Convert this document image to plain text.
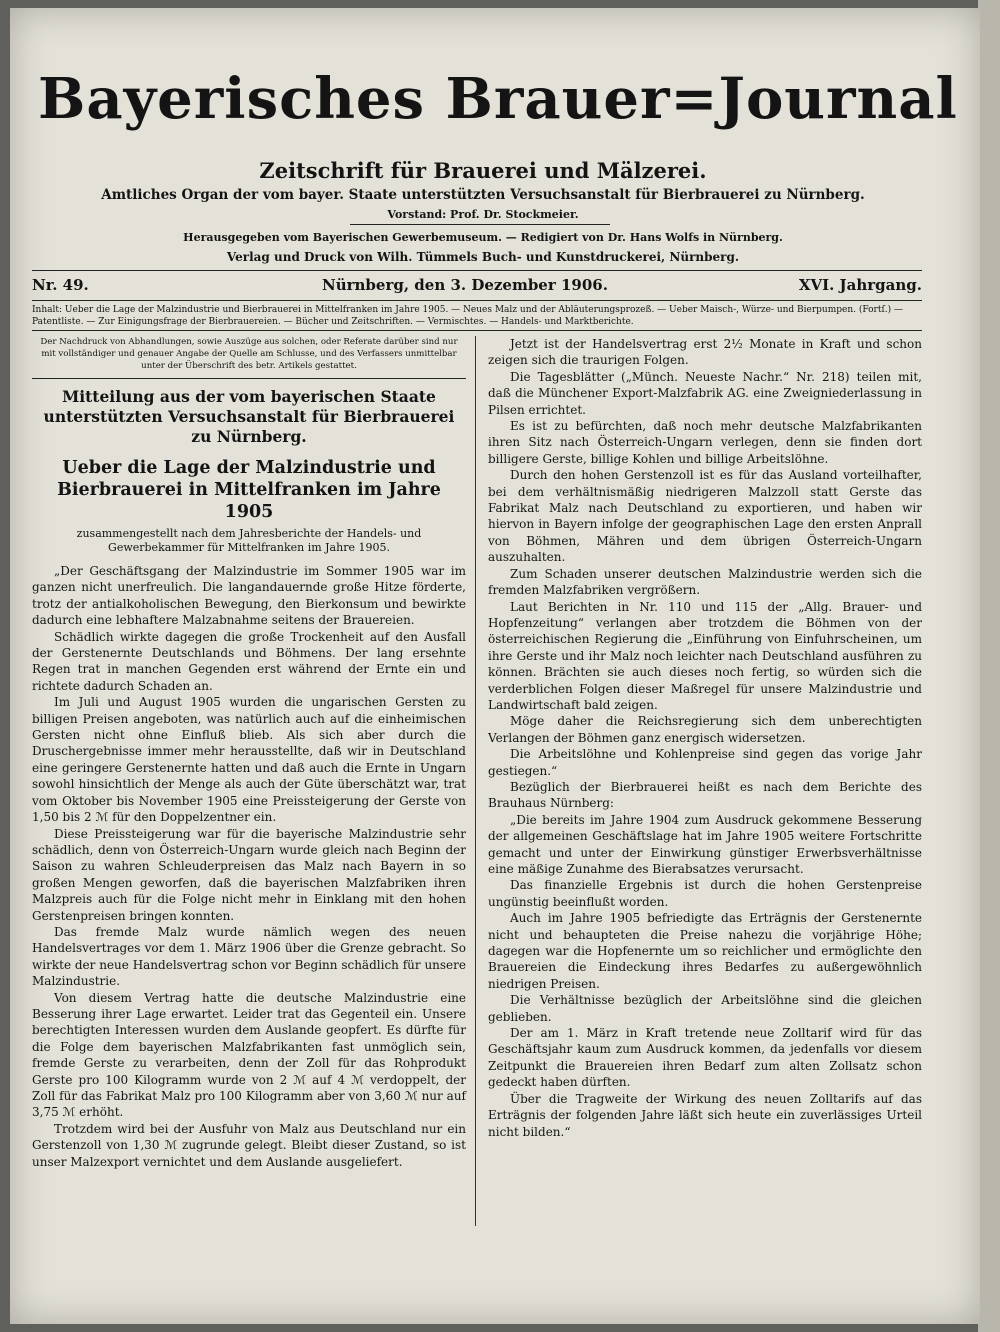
Bayerisches Brauer=Journal
Zeitschrift für Brauerei und Mälzerei.
Amtliches Organ der vom bayer. Staate unterstützten Versuchsanstalt für Bierbrauerei zu Nürnberg.
Vorstand: Prof. Dr. Stockmeier.
Herausgegeben vom Bayerischen Gewerbemuseum. — Redigiert von Dr. Hans Wolfs in Nürnberg.
Verlag und Druck von Wilh. Tümmels Buch- und Kunstdruckerei, Nürnberg.
Nr. 49.	Nürnberg, den 3. Dezember 1906.	XVI. Jahrgang.
Inhalt: Ueber die Lage der Malzindustrie und Bierbrauerei in Mittelfranken im Jahre 1905. — Neues Malz und der Abläuterungsprozeß. — Ueber Maisch-, Würze- und Bierpumpen. (Fortſ.) — Patentliste. — Zur Einigungsfrage der Bierbrauereien. — Bücher und Zeitschriften. — Vermischtes. — Handels- und Marktberichte.
Der Nachdruck von Abhandlungen, sowie Auszüge aus solchen, oder Referate darüber sind nur mit vollständiger und genauer Angabe der Quelle am Schlusse, und des Verfassers unmittelbar unter der Überschrift des betr. Artikels gestattet.
Mitteilung aus der vom bayerischen Staate unterstützten Versuchsanstalt für Bierbrauerei zu Nürnberg.
Ueber die Lage der Malzindustrie und Bierbrauerei in Mittelfranken im Jahre 1905
zusammengestellt nach dem Jahresberichte der Handels- und Gewerbekammer für Mittelfranken im Jahre 1905.

„Der Geschäftsgang der Malzindustrie im Sommer 1905 war im ganzen nicht unerfreulich. Die langandauernde große Hitze förderte, trotz der antialkoholischen Bewegung, den Bierkonsum und bewirkte dadurch eine lebhaftere Malzabnahme seitens der Brauereien.

Schädlich wirkte dagegen die große Trockenheit auf den Ausfall der Gerstenernte Deutschlands und Böhmens. Der lang ersehnte Regen trat in manchen Gegenden erst während der Ernte ein und richtete dadurch Schaden an.

Im Juli und August 1905 wurden die ungarischen Gersten zu billigen Preisen angeboten, was natürlich auch auf die einheimischen Gersten nicht ohne Einfluß blieb. Als sich aber durch die Druschergebnisse immer mehr herausstellte, daß wir in Deutschland eine geringere Gerstenernte hatten und daß auch die Ernte in Ungarn sowohl hinsichtlich der Menge als auch der Güte überschätzt war, trat vom Oktober bis November 1905 eine Preissteigerung der Gerste von 1,50 bis 2 ℳ für den Doppelzentner ein.

Diese Preissteigerung war für die bayerische Malzindustrie sehr schädlich, denn von Österreich-Ungarn wurde gleich nach Beginn der Saison zu wahren Schleuderpreisen das Malz nach Bayern in so großen Mengen geworfen, daß die bayerischen Malzfabriken ihren Malzpreis auch für die Folge nicht mehr in Einklang mit den hohen Gerstenpreisen bringen konnten.

Das fremde Malz wurde nämlich wegen des neuen Handelsvertrages vor dem 1. März 1906 über die Grenze gebracht. So wirkte der neue Handelsvertrag schon vor Beginn schädlich für unsere Malzindustrie.

Von diesem Vertrag hatte die deutsche Malzindustrie eine Besserung ihrer Lage erwartet. Leider trat das Gegenteil ein. Unsere berechtigten Interessen wurden dem Auslande geopfert. Es dürfte für die Folge dem bayerischen Malzfabrikanten fast unmöglich sein, fremde Gerste zu verarbeiten, denn der Zoll für das Rohprodukt Gerste pro 100 Kilogramm wurde von 2 ℳ auf 4 ℳ verdoppelt, der Zoll für das Fabrikat Malz pro 100 Kilogramm aber von 3,60 ℳ nur auf 3,75 ℳ erhöht.

Trotzdem wird bei der Ausfuhr von Malz aus Deutschland nur ein Gerstenzoll von 1,30 ℳ zugrunde gelegt. Bleibt dieser Zustand, so ist unser Malzexport vernichtet und dem Auslande ausgeliefert.

Jetzt ist der Handelsvertrag erst 2½ Monate in Kraft und schon zeigen sich die traurigen Folgen.

Die Tagesblätter („Münch. Neueste Nachr.“ Nr. 218) teilen mit, daß die Münchener Export-Malzfabrik AG. eine Zweigniederlassung in Pilsen errichtet.

Es ist zu befürchten, daß noch mehr deutsche Malzfabrikanten ihren Sitz nach Österreich-Ungarn verlegen, denn sie finden dort billigere Gerste, billige Kohlen und billige Arbeitslöhne.

Durch den hohen Gerstenzoll ist es für das Ausland vorteilhafter, bei dem verhältnismäßig niedrigeren Malzzoll statt Gerste das Fabrikat Malz nach Deutschland zu exportieren, und haben wir hiervon in Bayern infolge der geographischen Lage den ersten Anprall von Böhmen, Mähren und dem übrigen Österreich-Ungarn auszuhalten.

Zum Schaden unserer deutschen Malzindustrie werden sich die fremden Malzfabriken vergrößern.

Laut Berichten in Nr. 110 und 115 der „Allg. Brauer- und Hopfenzeitung“ verlangen aber trotzdem die Böhmen von der österreichischen Regierung die „Einführung von Einfuhrscheinen, um ihre Gerste und ihr Malz noch leichter nach Deutschland ausführen zu können. Brächten sie auch dieses noch fertig, so würden sich die verderblichen Folgen dieser Maßregel für unsere Malzindustrie und Landwirtschaft bald zeigen.

Möge daher die Reichsregierung sich dem unberechtigten Verlangen der Böhmen ganz energisch widersetzen.

Die Arbeitslöhne und Kohlenpreise sind gegen das vorige Jahr gestiegen.“

Bezüglich der Bierbrauerei heißt es nach dem Berichte des Brauhaus Nürnberg:

„Die bereits im Jahre 1904 zum Ausdruck gekommene Besserung der allgemeinen Geschäftslage hat im Jahre 1905 weitere Fortschritte gemacht und unter der Einwirkung günstiger Erwerbsverhältnisse eine mäßige Zunahme des Bierabsatzes verursacht.

Das finanzielle Ergebnis ist durch die hohen Gerstenpreise ungünstig beeinflußt worden.

Auch im Jahre 1905 befriedigte das Erträgnis der Gerstenernte nicht und behaupteten die Preise nahezu die vorjährige Höhe; dagegen war die Hopfenernte um so reichlicher und ermöglichte den Brauereien die Eindeckung ihres Bedarfes zu außergewöhnlich niedrigen Preisen.

Die Verhältnisse bezüglich der Arbeitslöhne sind die gleichen geblieben.

Der am 1. März in Kraft tretende neue Zolltarif wird für das Geschäftsjahr kaum zum Ausdruck kommen, da jedenfalls vor diesem Zeitpunkt die Brauereien ihren Bedarf zum alten Zollsatz schon gedeckt haben dürften.

Über die Tragweite der Wirkung des neuen Zolltarifs auf das Erträgnis der folgenden Jahre läßt sich heute ein zuverlässiges Urteil nicht bilden.“
